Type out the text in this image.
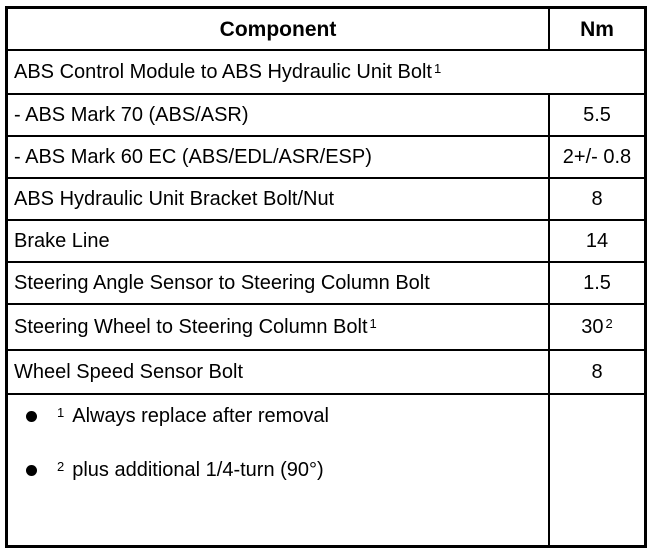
Component	Nm
ABS Control Module to ABS Hydraulic Unit Bolt$^1$
- ABS Mark 70 (ABS/ASR)	5.5
- ABS Mark 60 EC (ABS/EDL/ASR/ESP)	2+/- 0.8
ABS Hydraulic Unit Bracket Bolt/Nut	8
Brake Line	14
Steering Angle Sensor to Steering Column Bolt	1.5
Steering Wheel to Steering Column Bolt$^1$	$30^2$
Wheel Speed Sensor Bolt	8
$^1$ Always replace after removal
$^2$ plus additional 1/4-turn (90°)
